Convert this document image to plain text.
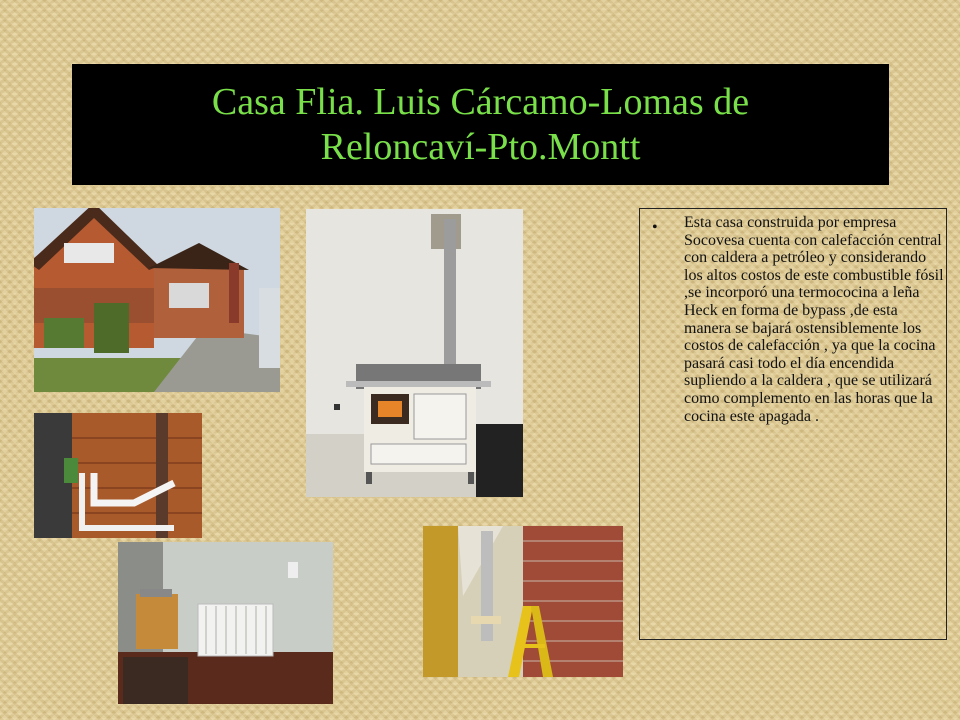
Casa Flia. Luis Cárcamo-Lomas de Reloncaví-Pto.Montt
• Esta casa construida por empresa Socovesa cuenta con calefacción central con caldera a petróleo y considerando los altos costos de este combustible fósil ,se incorporó una termococina a leña Heck en forma de bypass ,de esta manera se bajará ostensiblemente los costos de calefacción , ya que la cocina pasará casi todo el día encendida supliendo a la caldera , que se utilizará como complemento en las horas que la cocina este apagada .
